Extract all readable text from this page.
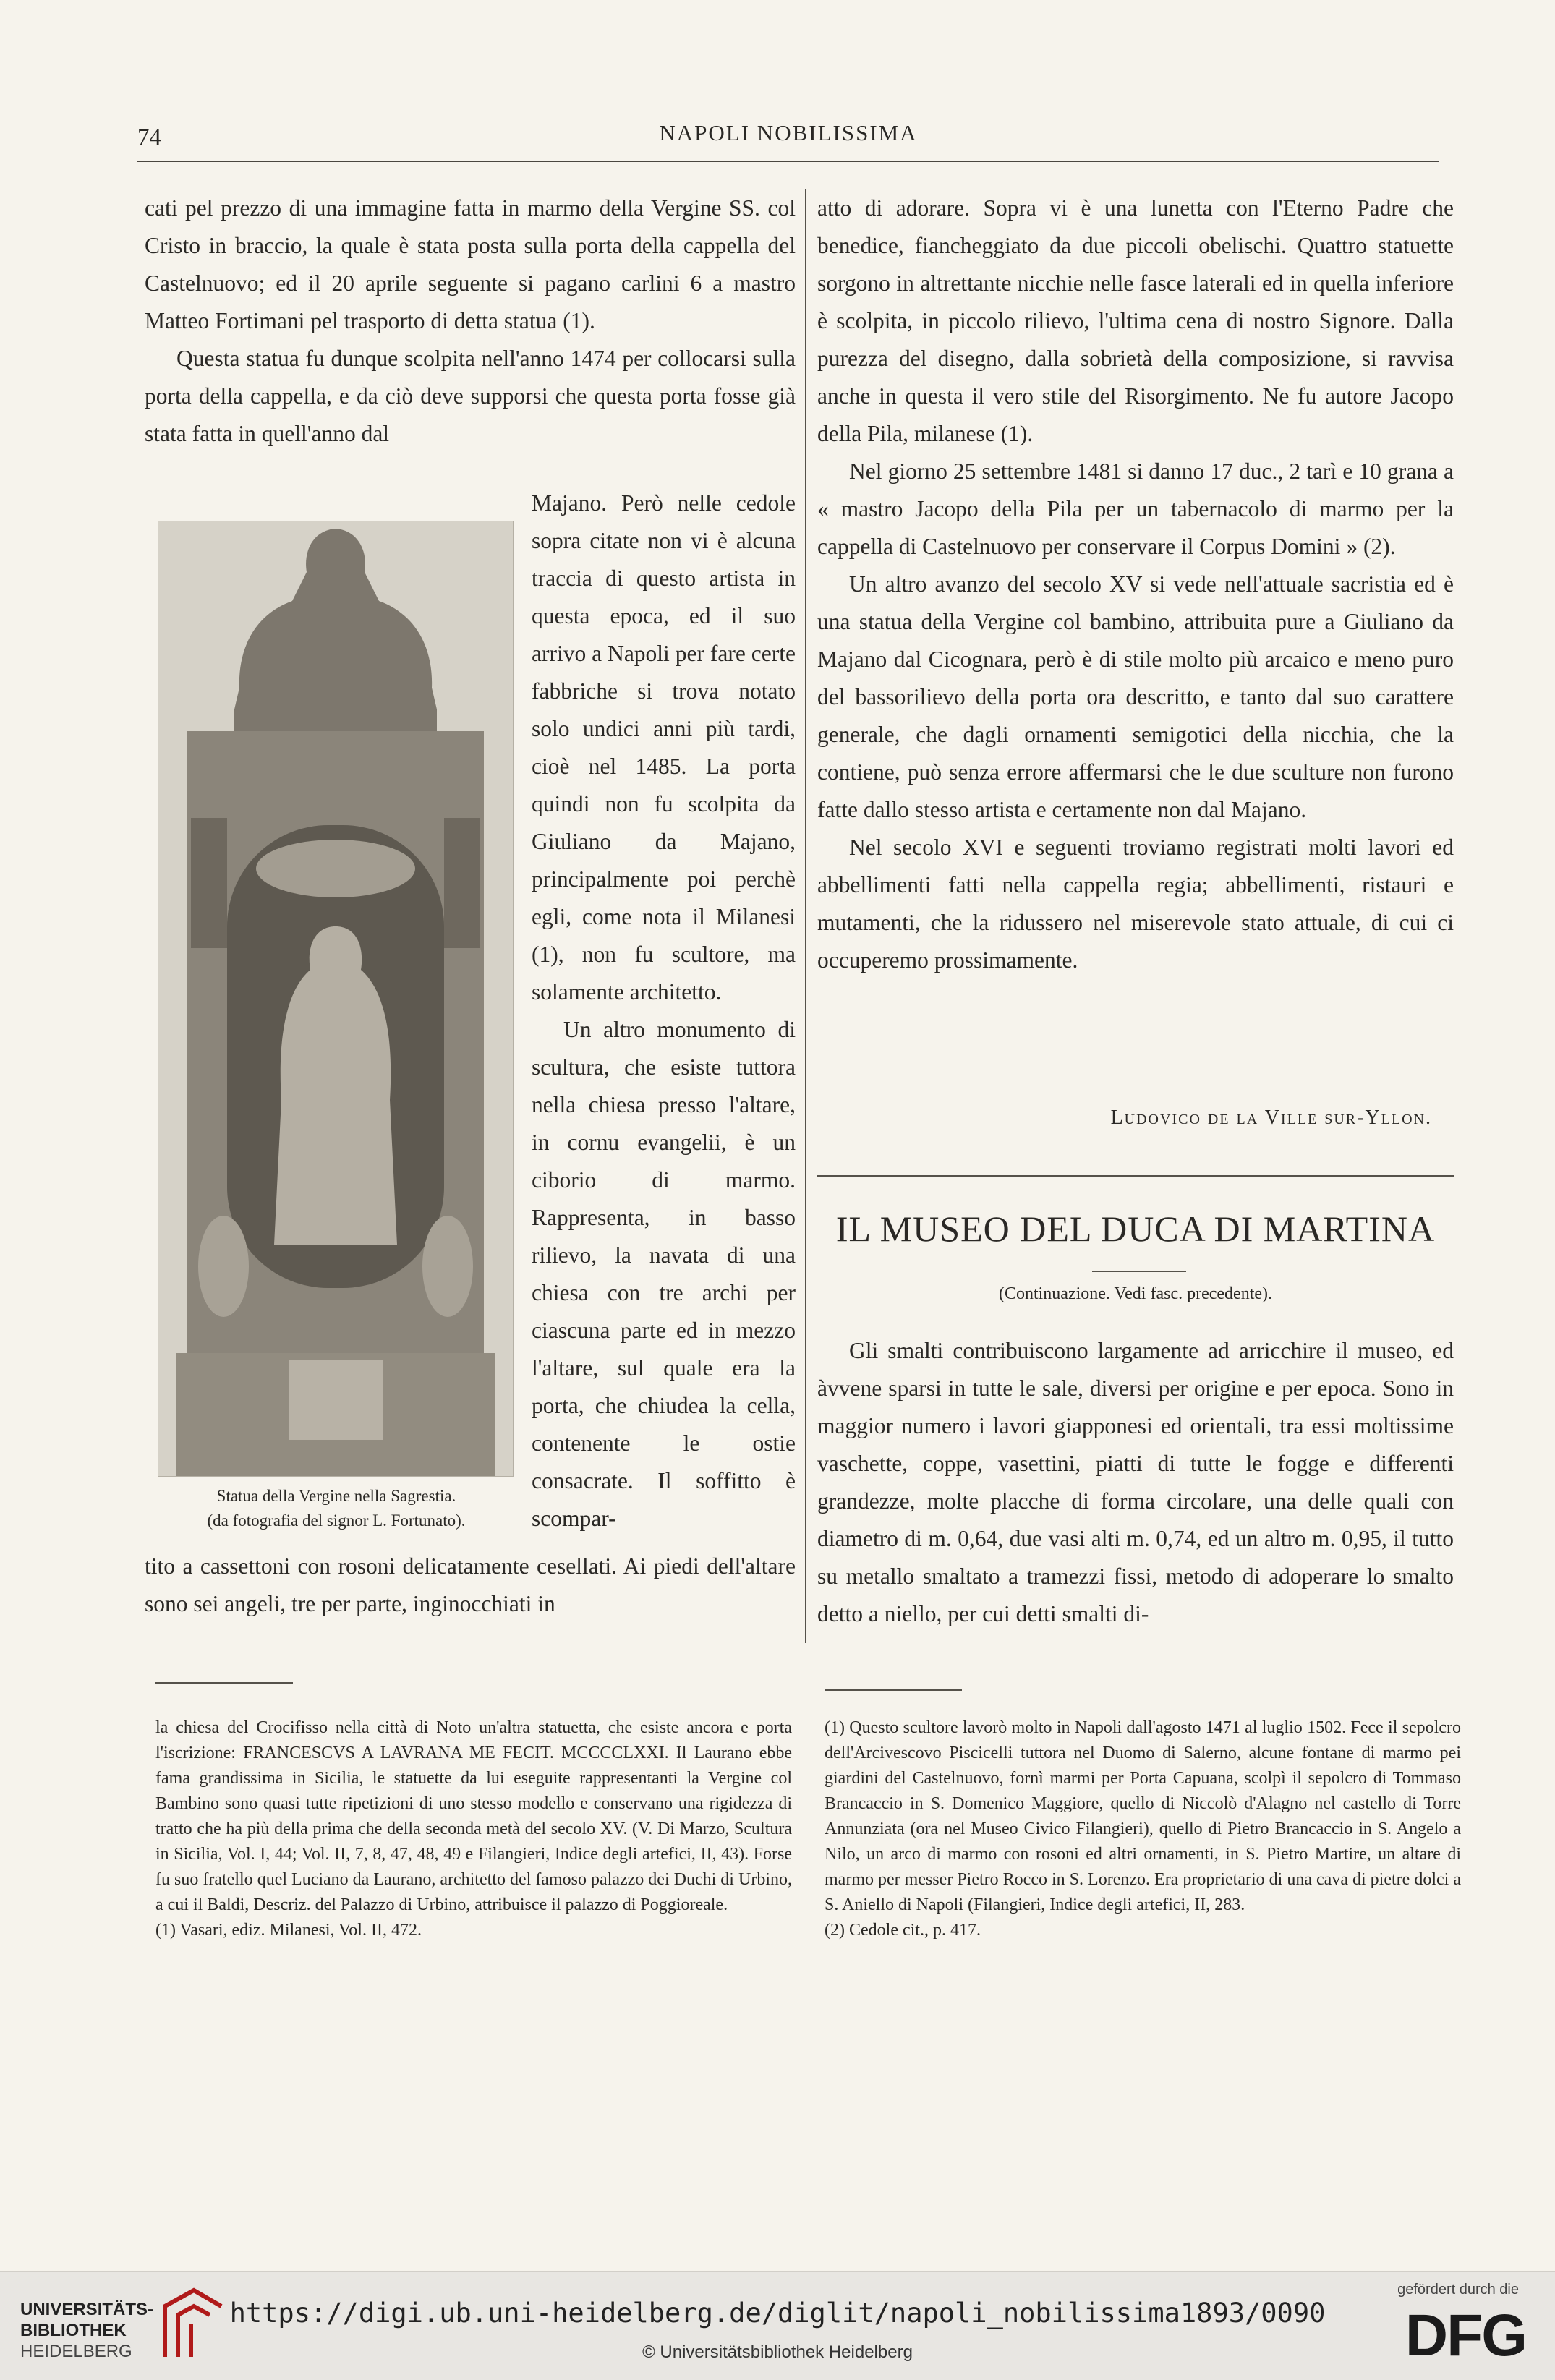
74	NAPOLI NOBILISSIMA

cati pel prezzo di una immagine fatta in marmo della Vergine SS. col Cristo in braccio, la quale è stata posta sulla porta della cappella del Castelnuovo; ed il 20 aprile seguente si pagano carlini 6 a mastro Matteo Fortimani pel trasporto di detta statua (1).

Questa statua fu dunque scolpita nell'anno 1474 per collocarsi sulla porta della cappella, e da ciò deve supporsi che questa porta fosse già stata fatta in quell'anno dal

Majano. Però nelle cedole sopra citate non vi è alcuna traccia di questo artista in questa epoca, ed il suo arrivo a Napoli per fare certe fabbriche si trova notato solo undici anni più tardi, cioè nel 1485. La porta quindi non fu scolpita da Giuliano da Majano, principalmente poi perchè egli, come nota il Milanesi (1), non fu scultore, ma solamente architetto.

Un altro monumento di scultura, che esiste tuttora nella chiesa presso l'altare, in cornu evangelii, è un ciborio di marmo. Rappresenta, in basso rilievo, la navata di una chiesa con tre archi per ciascuna parte ed in mezzo l'altare, sul quale era la porta, che chiudea la cella, contenente le ostie consacrate. Il soffitto è scompar-

Statua della Vergine nella Sagrestia.
(da fotografia del signor L. Fortunato).

tito a cassettoni con rosoni delicatamente cesellati. Ai piedi dell'altare sono sei angeli, tre per parte, inginocchiati in

la chiesa del Crocifisso nella città di Noto un'altra statuetta, che esiste ancora e porta l'iscrizione: FRANCESCVS A LAVRANA ME FECIT. MCCCCLXXI. Il Laurano ebbe fama grandissima in Sicilia, le statuette da lui eseguite rappresentanti la Vergine col Bambino sono quasi tutte ripetizioni di uno stesso modello e conservano una rigidezza di tratto che ha più della prima che della seconda metà del secolo XV. (V. Di Marzo, Scultura in Sicilia, Vol. I, 44; Vol. II, 7, 8, 47, 48, 49 e Filangieri, Indice degli artefici, II, 43). Forse fu suo fratello quel Luciano da Laurano, architetto del famoso palazzo dei Duchi di Urbino, a cui il Baldi, Descriz. del Palazzo di Urbino, attribuisce il palazzo di Poggioreale.

(1) Vasari, ediz. Milanesi, Vol. II, 472.

atto di adorare. Sopra vi è una lunetta con l'Eterno Padre che benedice, fiancheggiato da due piccoli obelischi. Quattro statuette sorgono in altrettante nicchie nelle fasce laterali ed in quella inferiore è scolpita, in piccolo rilievo, l'ultima cena di nostro Signore. Dalla purezza del disegno, dalla sobrietà della composizione, si ravvisa anche in questa il vero stile del Risorgimento. Ne fu autore Jacopo della Pila, milanese (1).

Nel giorno 25 settembre 1481 si danno 17 duc., 2 tarì e 10 grana a « mastro Jacopo della Pila per un tabernacolo di marmo per la cappella di Castelnuovo per conservare il Corpus Domini » (2).

Un altro avanzo del secolo XV si vede nell'attuale sacristia ed è una statua della Vergine col bambino, attribuita pure a Giuliano da Majano dal Cicognara, però è di stile molto più arcaico e meno puro del bassorilievo della porta ora descritto, e tanto dal suo carattere generale, che dagli ornamenti semigotici della nicchia, che la contiene, può senza errore affermarsi che le due sculture non furono fatte dallo stesso artista e certamente non dal Majano.

Nel secolo XVI e seguenti troviamo registrati molti lavori ed abbellimenti fatti nella cappella regia; abbellimenti, ristauri e mutamenti, che la ridussero nel miserevole stato attuale, di cui ci occuperemo prossimamente.

Ludovico de la Ville sur-Yllon.
IL MUSEO DEL DUCA DI MARTINA
(Continuazione. Vedi fasc. precedente).

Gli smalti contribuiscono largamente ad arricchire il museo, ed àvvene sparsi in tutte le sale, diversi per origine e per epoca. Sono in maggior numero i lavori giapponesi ed orientali, tra essi moltissime vaschette, coppe, vasettini, piatti di tutte le fogge e differenti grandezze, molte placche di forma circolare, una delle quali con diametro di m. 0,64, due vasi alti m. 0,74, ed un altro m. 0,95, il tutto su metallo smaltato a tramezzi fissi, metodo di adoperare lo smalto detto a niello, per cui detti smalti di-

(1) Questo scultore lavorò molto in Napoli dall'agosto 1471 al luglio 1502. Fece il sepolcro dell'Arcivescovo Piscicelli tuttora nel Duomo di Salerno, alcune fontane di marmo pei giardini del Castelnuovo, fornì marmi per Porta Capuana, scolpì il sepolcro di Tommaso Brancaccio in S. Domenico Maggiore, quello di Niccolò d'Alagno nel castello di Torre Annunziata (ora nel Museo Civico Filangieri), quello di Pietro Brancaccio in S. Angelo a Nilo, un arco di marmo con rosoni ed altri ornamenti, in S. Pietro Martire, un altare di marmo per messer Pietro Rocco in S. Lorenzo. Era proprietario di una cava di pietre dolci a S. Aniello di Napoli (Filangieri, Indice degli artefici, II, 283.

(2) Cedole cit., p. 417.

UNIVERSITÄTS-
BIBLIOTHEK
HEIDELBERG
https://digi.ub.uni-heidelberg.de/diglit/napoli_nobilissima1893/0090
© Universitätsbibliothek Heidelberg
gefördert durch die
DFG
